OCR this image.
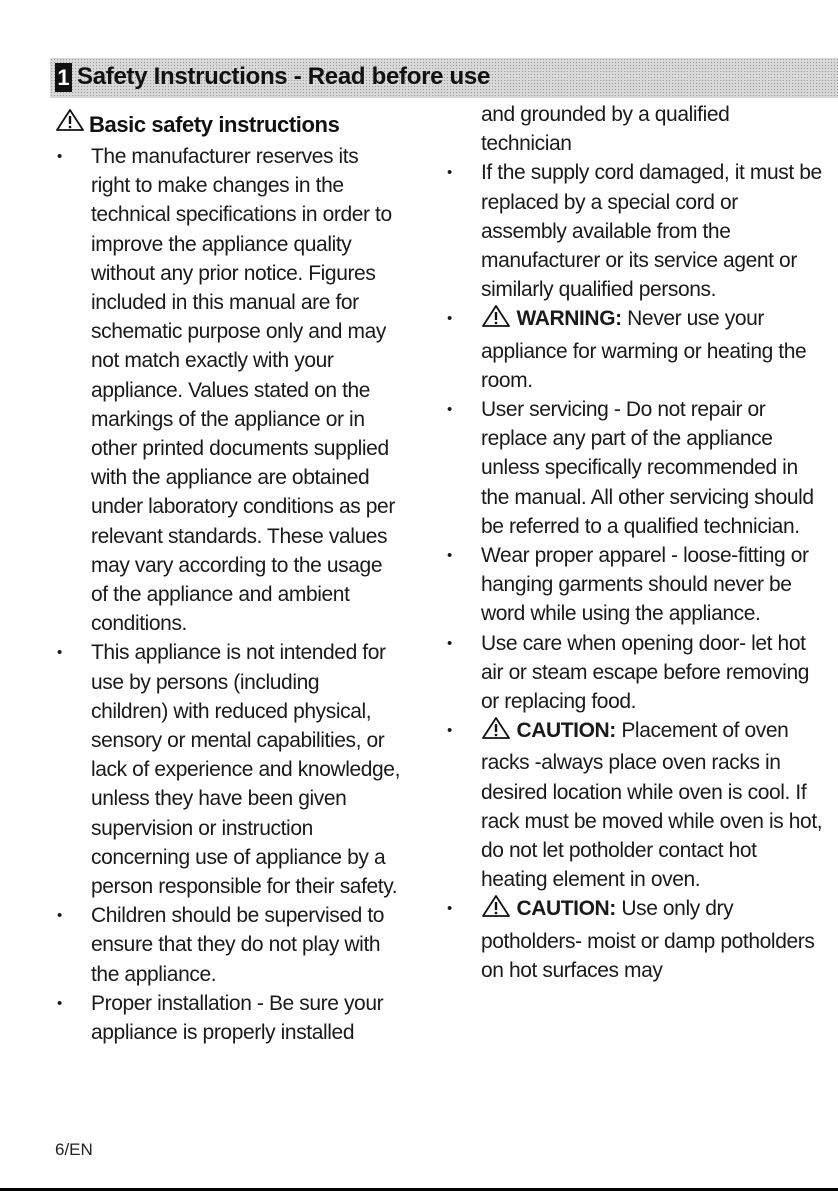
1 Safety Instructions - Read before use
Basic safety instructions
• The manufacturer reserves its right to make changes in the technical specifications in order to improve the appliance quality without any prior notice. Figures included in this manual are for schematic purpose only and may not match exactly with your appliance. Values stated on the markings of the appliance or in other printed documents supplied with the appliance are obtained under laboratory conditions as per relevant standards. These values may vary according to the usage of the appliance and ambient conditions.
• This appliance is not intended for use by persons (including children) with reduced physical, sensory or mental capabilities, or lack of experience and knowledge, unless they have been given supervision or instruction concerning use of appliance by a person responsible for their safety.
• Children should be supervised to ensure that they do not play with the appliance.
• Proper installation - Be sure your appliance is properly installed
and grounded by a qualified technician
• If the supply cord damaged, it must be replaced by a special cord or assembly available from the manufacturer or its service agent or similarly qualified persons.
•	WARNING: Never use your appliance for warming or heating the room.
• User servicing - Do not repair or replace any part of the appliance unless specifically recommended in the manual. All other servicing should be referred to a qualified technician.
• Wear proper apparel - loose-fitting or hanging garments should never be word while using the appliance.
• Use care when opening door- let hot air or steam escape before removing or replacing food.
•	CAUTION: Placement of oven racks -always place oven racks in desired location while oven is cool. If rack must be moved while oven is hot, do not let potholder contact hot heating element in oven.
•	CAUTION: Use only dry potholders- moist or damp potholders on hot surfaces may
6/EN
